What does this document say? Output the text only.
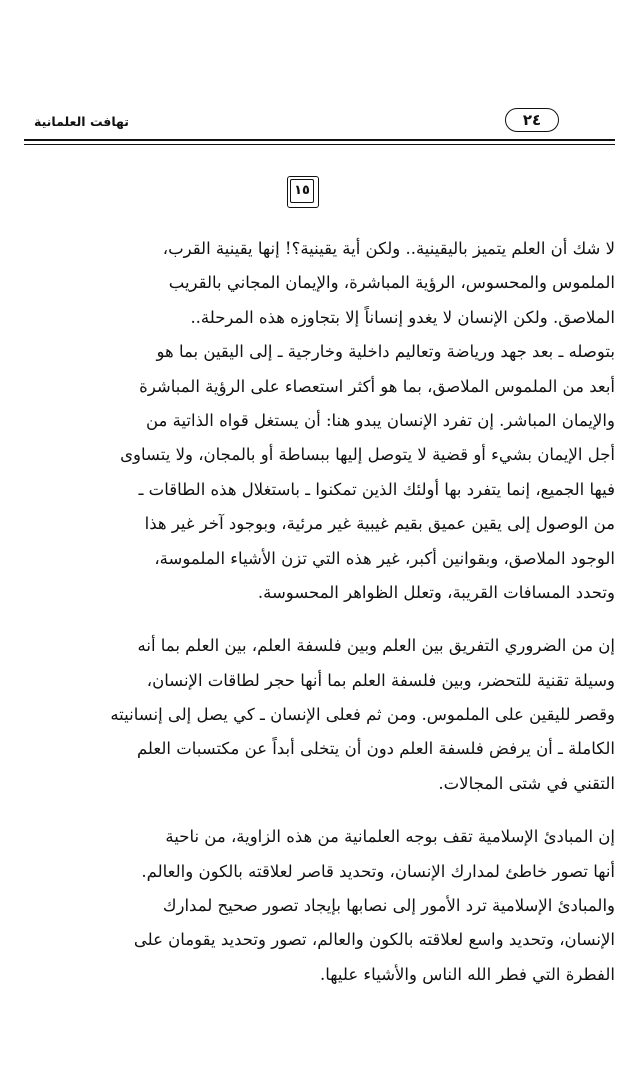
تهافت العلمانية	٢٤
١٥
لا شك أن العلم يتميز باليقينية.. ولكن أية يقينية؟! إنها يقينية القرب،
الملموس والمحسوس، الرؤية المباشرة، والإيمان المجاني بالقريب
الملاصق. ولكن الإنسان لا يغدو إنساناً إلا بتجاوزه هذه المرحلة..
بتوصله ـ بعد جهد ورياضة وتعاليم داخلية وخارجية ـ إلى اليقين بما هو
أبعد من الملموس الملاصق، بما هو أكثر استعصاء على الرؤية المباشرة
والإيمان المباشر. إن تفرد الإنسان يبدو هنا: أن يستغل قواه الذاتية من
أجل الإيمان بشيء أو قضية لا يتوصل إليها ببساطة أو بالمجان، ولا يتساوى
فيها الجميع، إنما يتفرد بها أولئك الذين تمكنوا ـ باستغلال هذه الطاقات ـ
من الوصول إلى يقين عميق بقيم غيبية غير مرئية، وبوجود آخر غير هذا
الوجود الملاصق، وبقوانين أكبر، غير هذه التي تزن الأشياء الملموسة،
وتحدد المسافات القريبة، وتعلل الظواهر المحسوسة.
إن من الضروري التفريق بين العلم وبين فلسفة العلم، بين العلم بما أنه
وسيلة تقنية للتحضر، وبين فلسفة العلم بما أنها حجر لطاقات الإنسان،
وقصر لليقين على الملموس. ومن ثم فعلى الإنسان ـ كي يصل إلى إنسانيته
الكاملة ـ أن يرفض فلسفة العلم دون أن يتخلى أبداً عن مكتسبات العلم
التقني في شتى المجالات.
إن المبادئ الإسلامية تقف بوجه العلمانية من هذه الزاوية، من ناحية
أنها تصور خاطئ لمدارك الإنسان، وتحديد قاصر لعلاقته بالكون والعالم.
والمبادئ الإسلامية ترد الأمور إلى نصابها بإيجاد تصور صحيح لمدارك
الإنسان، وتحديد واسع لعلاقته بالكون والعالم، تصور وتحديد يقومان على
الفطرة التي فطر الله الناس والأشياء عليها.
